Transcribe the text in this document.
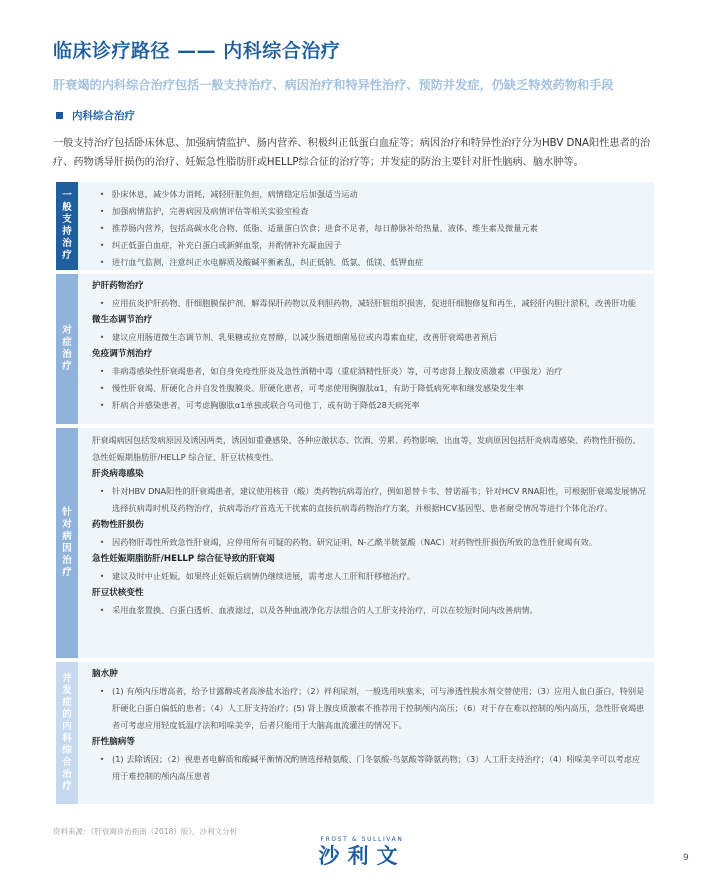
临床诊疗路径 —— 内科综合治疗
肝衰竭的内科综合治疗包括一般支持治疗、病因治疗和特异性治疗、预防并发症，仍缺乏特效药物和手段
内科综合治疗
一般支持治疗包括卧床休息、加强病情监护、肠内营养、积极纠正低蛋白血症等；病因治疗和特异性治疗分为HBV DNA阳性患者的治疗、药物诱导肝损伤的治疗、妊娠急性脂肪肝或HELLP综合征的治疗等；并发症的防治主要针对肝性脑病、脑水肿等。
一般支持治疗
• 卧床休息，减少体力消耗，减轻肝脏负担，病情稳定后加强适当运动
• 加强病情监护，完善病因及病情评估等相关实验室检查
• 推荐肠内营养，包括高碳水化合物、低脂、适量蛋白饮食；进食不足者，每日静脉补给热量、液体、维生素及微量元素
• 纠正低蛋白血症，补充白蛋白或新鲜血浆，并酌情补充凝血因子
• 进行血气监测，注意纠正水电解质及酸碱平衡紊乱，纠正低钠、低氯、低镁、低钾血症
对症治疗
护肝药物治疗
• 应用抗炎护肝药物、肝细胞膜保护剂、解毒保肝药物以及利胆药物，减轻肝脏组织损害，促进肝细胞修复和再生，减轻肝内胆汁淤积，改善肝功能
微生态调节治疗
• 建议应用肠道微生态调节剂、乳果糖或拉克替醇，以减少肠道细菌易位或内毒素血症，改善肝衰竭患者预后
免疫调节剂治疗
• 非病毒感染性肝衰竭患者，如自身免疫性肝炎及急性酒精中毒（重症酒精性肝炎）等，可考虑肾上腺皮质激素（甲强龙）治疗
• 慢性肝衰竭、肝硬化合并自发性腹膜炎、肝硬化患者，可考虑使用胸腺肽α1，有助于降低病死率和继发感染发生率
• 肝病合并感染患者，可考虑胸腺肽α1单独或联合乌司他丁，或有助于降低28天病死率
针对病因治疗
肝衰竭病因包括发病原因及诱因两类，诱因如重叠感染、各种应激状态、饮酒、劳累、药物影响、出血等，发病原因包括肝炎病毒感染、药物性肝损伤、急性妊娠期脂肪肝/HELLP 综合征、肝豆状核变性。
肝炎病毒感染
• 针对HBV DNA阳性的肝衰竭患者，建议使用核苷（酸）类药物抗病毒治疗，例如恩替卡韦、替诺福韦；针对HCV RNA阳性，可根据肝衰竭发展情况选择抗病毒时机及药物治疗，抗病毒治疗首选无干扰素的直接抗病毒药物治疗方案，并根据HCV基因型、患者耐受情况等进行个体化治疗。
药物性肝损伤
• 因药物肝毒性所致急性肝衰竭，应停用所有可疑的药物。研究证明，N-乙酰半胱氨酸（NAC）对药物性肝损伤所致的急性肝衰竭有效。
急性妊娠期脂肪肝/HELLP 综合征导致的肝衰竭
• 建议及时中止妊娠，如果终止妊娠后病情仍继续进展，需考虑人工肝和肝移植治疗。
肝豆状核变性
• 采用血浆置换、白蛋白透析、血液滤过，以及各种血液净化方法组合的人工肝支持治疗，可以在较短时间内改善病情。
并发症的内科综合治疗
脑水肿
• (1) 有颅内压增高者，给予甘露醇或者高渗盐水治疗；（2）袢利尿剂，一般选用呋塞米，可与渗透性脱水剂交替使用；（3）应用人血白蛋白，特别是肝硬化白蛋白偏低的患者；（4）人工肝支持治疗；(5) 肾上腺皮质激素不推荐用于控制颅内高压；（6）对于存在难以控制的颅内高压，急性肝衰竭患者可考虑应用轻度低温疗法和吲哚美辛，后者只能用于大脑高血流灌注的情况下。
肝性脑病等
• (1) 去除诱因；（2）视患者电解质和酸碱平衡情况酌情选择精氨酸、门冬氨酸-鸟氨酸等降氨药物；（3）人工肝支持治疗；（4）吲哚美辛可以考虑应用于难控制的颅内高压患者
资料来源：《肝衰竭诊治指南（2018）版》，沙利文分析
FROST & SULLIVAN
沙利文	9
